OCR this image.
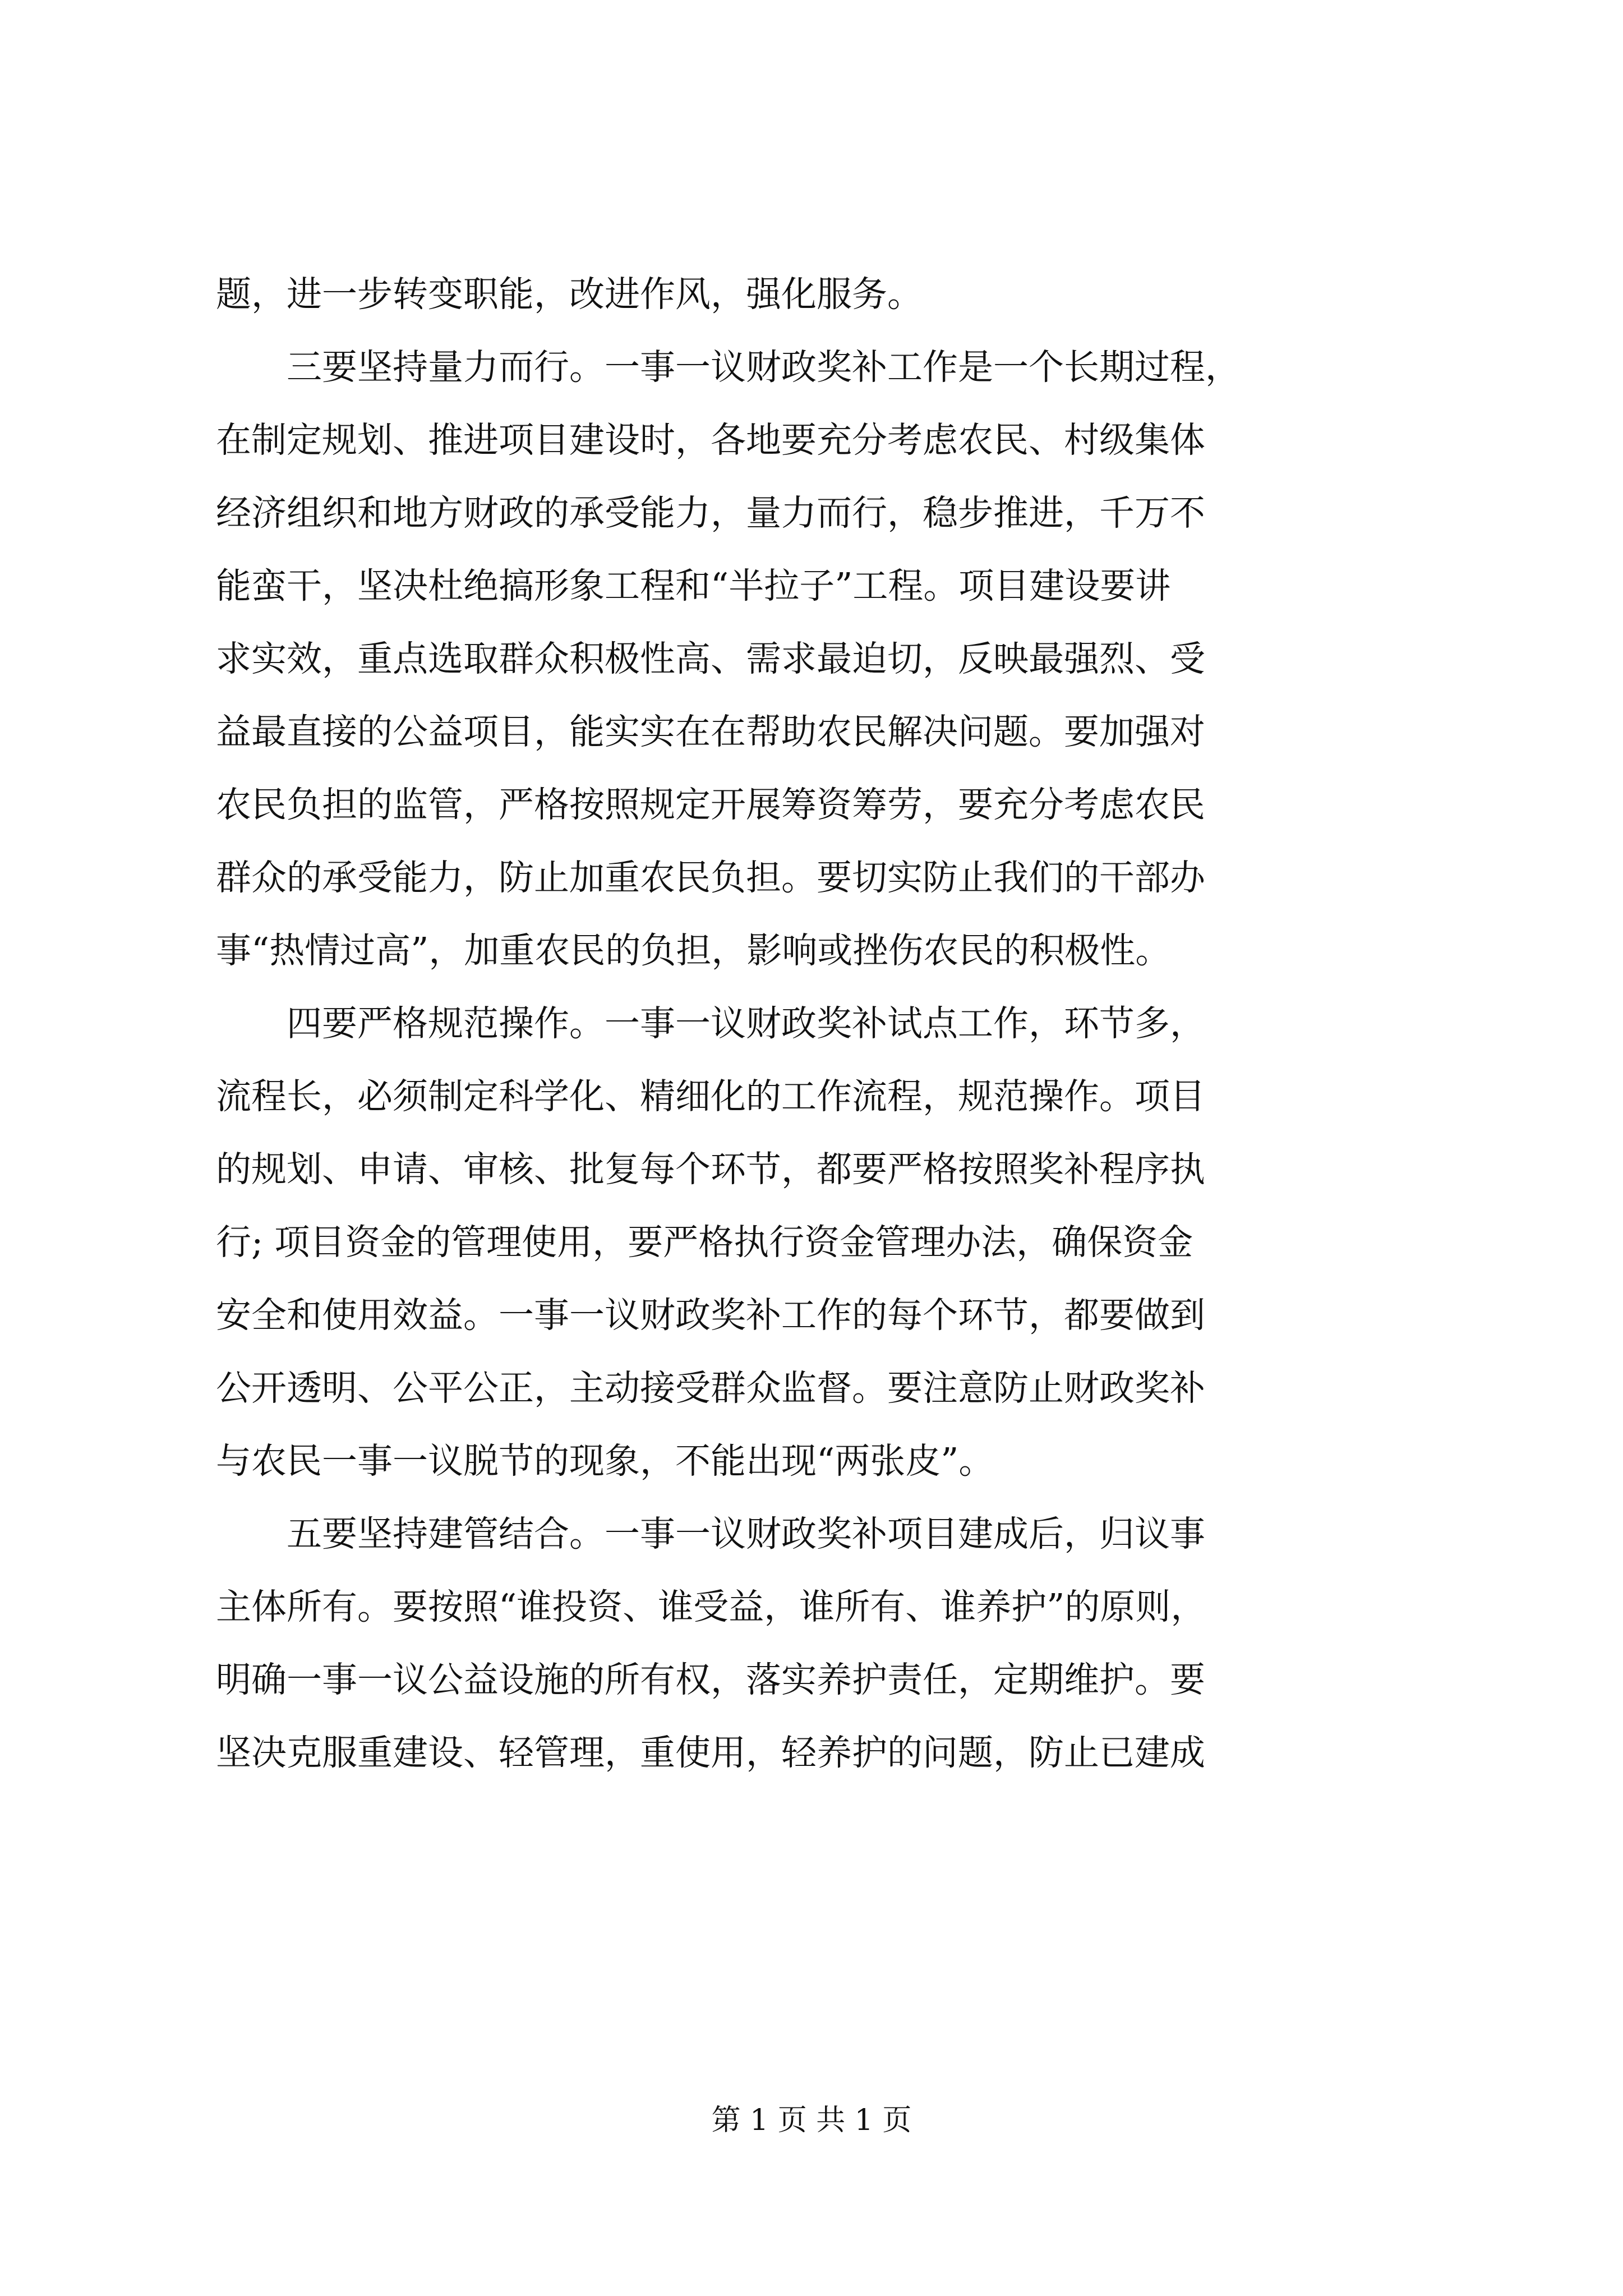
题，进一步转变职能，改进作风，强化服务。
三要坚持量力而行。一事一议财政奖补工作是一个长期过程，
在制定规划、推进项目建设时，各地要充分考虑农民、村级集体
经济组织和地方财政的承受能力，量力而行，稳步推进，千万不
能蛮干，坚决杜绝搞形象工程和“半拉子”工程。项目建设要讲
求实效，重点选取群众积极性高、需求最迫切，反映最强烈、受
益最直接的公益项目，能实实在在帮助农民解决问题。要加强对
农民负担的监管，严格按照规定开展筹资筹劳，要充分考虑农民
群众的承受能力，防止加重农民负担。要切实防止我们的干部办
事“热情过高”，加重农民的负担，影响或挫伤农民的积极性。
四要严格规范操作。一事一议财政奖补试点工作，环节多，
流程长，必须制定科学化、精细化的工作流程，规范操作。项目
的规划、申请、审核、批复每个环节，都要严格按照奖补程序执
行; 项目资金的管理使用，要严格执行资金管理办法，确保资金
安全和使用效益。一事一议财政奖补工作的每个环节，都要做到
公开透明、公平公正，主动接受群众监督。要注意防止财政奖补
与农民一事一议脱节的现象，不能出现“两张皮”。
五要坚持建管结合。一事一议财政奖补项目建成后，归议事
主体所有。要按照“谁投资、谁受益，谁所有、谁养护”的原则，
明确一事一议公益设施的所有权，落实养护责任，定期维护。要
坚决克服重建设、轻管理，重使用，轻养护的问题，防止已建成
第 1 页 共 1 页
